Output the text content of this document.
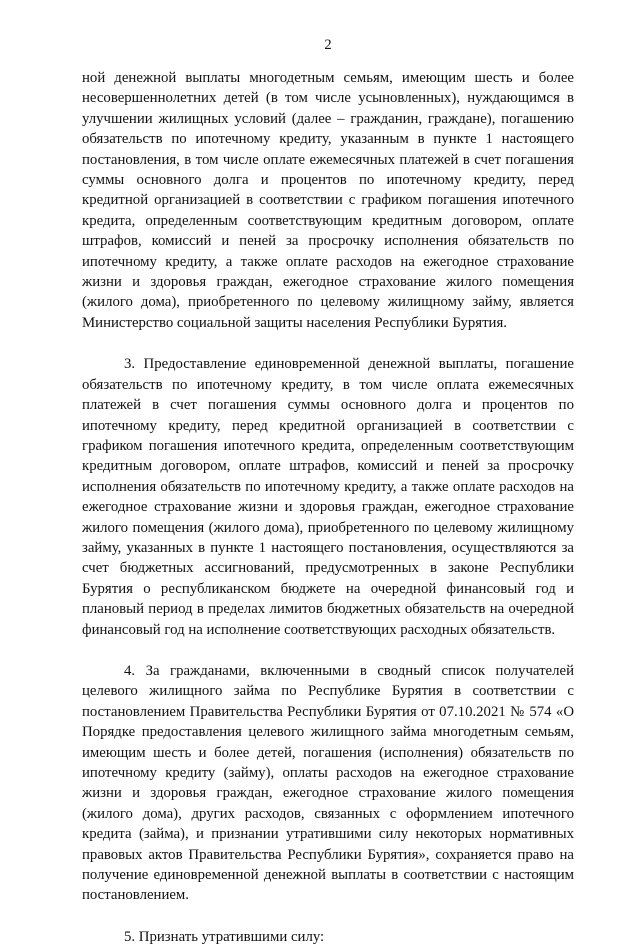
2

ной денежной выплаты многодетным семьям, имеющим шесть и более несовершеннолетних детей (в том числе усыновленных), нуждающимся в улучшении жилищных условий (далее – гражданин, граждане), погашению обязательств по ипотечному кредиту, указанным в пункте 1 настоящего постановления, в том числе оплате ежемесячных платежей в счет погашения суммы основного долга и процентов по ипотечному кредиту, перед кредитной организацией в соответствии с графиком погашения ипотечного кредита, определенным соответствующим кредитным договором, оплате штрафов, комиссий и пеней за просрочку исполнения обязательств по ипотечному кредиту, а также оплате расходов на ежегодное страхование жизни и здоровья граждан, ежегодное страхование жилого помещения (жилого дома), приобретенного по целевому жилищному займу, является Министерство социальной защиты населения Республики Бурятия.

3. Предоставление единовременной денежной выплаты, погашение обязательств по ипотечному кредиту, в том числе оплата ежемесячных платежей в счет погашения суммы основного долга и процентов по ипотечному кредиту, перед кредитной организацией в соответствии с графиком погашения ипотечного кредита, определенным соответствующим кредитным договором, оплате штрафов, комиссий и пеней за просрочку исполнения обязательств по ипотечному кредиту, а также оплате расходов на ежегодное страхование жизни и здоровья граждан, ежегодное страхование жилого помещения (жилого дома), приобретенного по целевому жилищному займу, указанных в пункте 1 настоящего постановления, осуществляются за счет бюджетных ассигнований, предусмотренных в законе Республики Бурятия о республиканском бюджете на очередной финансовый год и плановый период в пределах лимитов бюджетных обязательств на очередной финансовый год на исполнение соответствующих расходных обязательств.

4. За гражданами, включенными в сводный список получателей целевого жилищного займа по Республике Бурятия в соответствии с постановлением Правительства Республики Бурятия от 07.10.2021 № 574 «О Порядке предоставления целевого жилищного займа многодетным семьям, имеющим шесть и более детей, погашения (исполнения) обязательств по ипотечному кредиту (займу), оплаты расходов на ежегодное страхование жизни и здоровья граждан, ежегодное страхование жилого помещения (жилого дома), других расходов, связанных с оформлением ипотечного кредита (займа), и признании утратившими силу некоторых нормативных правовых актов Правительства Республики Бурятия», сохраняется право на получение единовременной денежной выплаты в соответствии с настоящим постановлением.

5. Признать утратившими силу:
